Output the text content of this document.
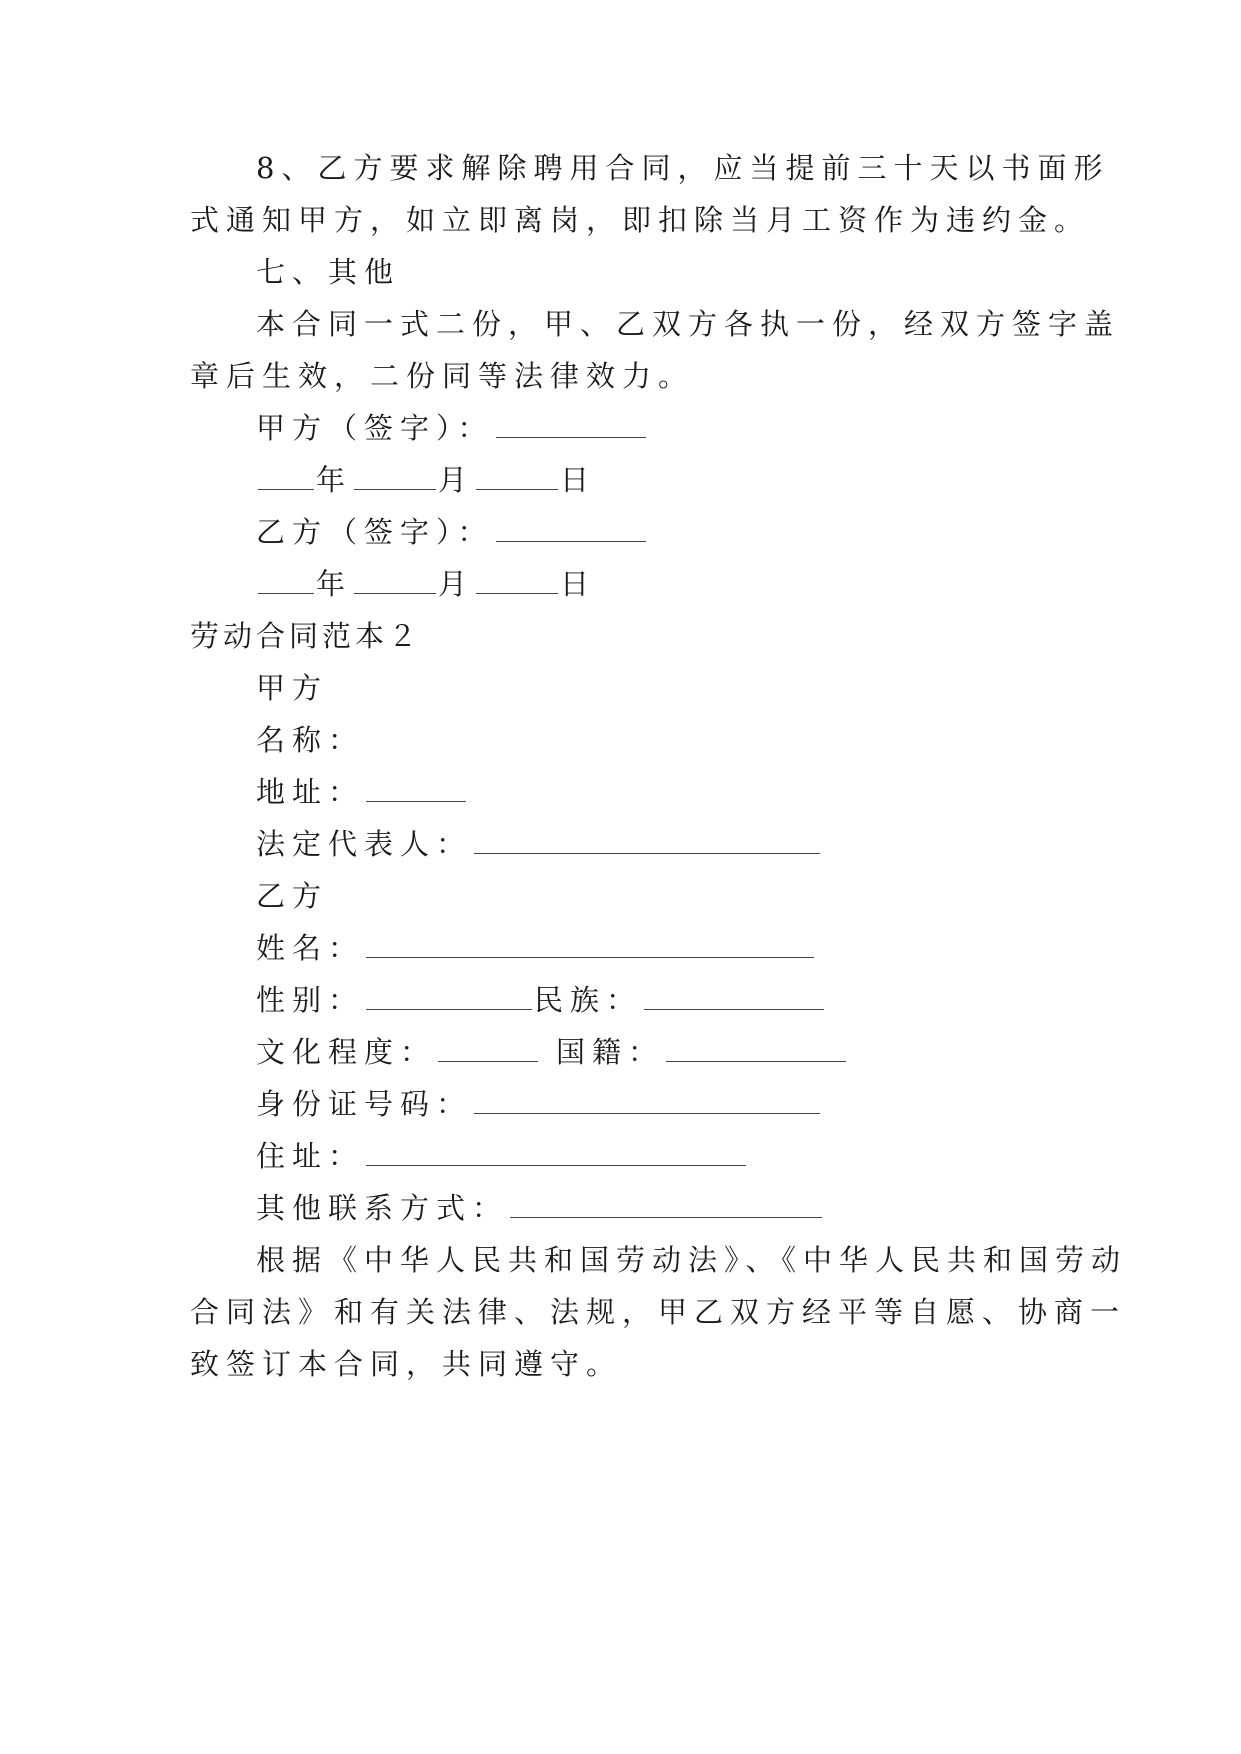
8、乙方要求解除聘用合同，应当提前三十天以书面形
式通知甲方，如立即离岗，即扣除当月工资作为违约金。
七、其他
本合同一式二份，甲、乙双方各执一份，经双方签字盖
章后生效，二份同等法律效力。
甲方（签字）：
年	月	日
乙方（签字）：
年	月	日
劳动合同范本２
甲方
名称：
地址：
法定代表人：
乙方
姓名：
性别：	民族：
文化程度：	国籍：
身份证号码：
住址：
其他联系方式：
根据《中华人民共和国劳动法》、《中华人民共和国劳动
合同法》和有关法律、法规，甲乙双方经平等自愿、协商一
致签订本合同，共同遵守。
